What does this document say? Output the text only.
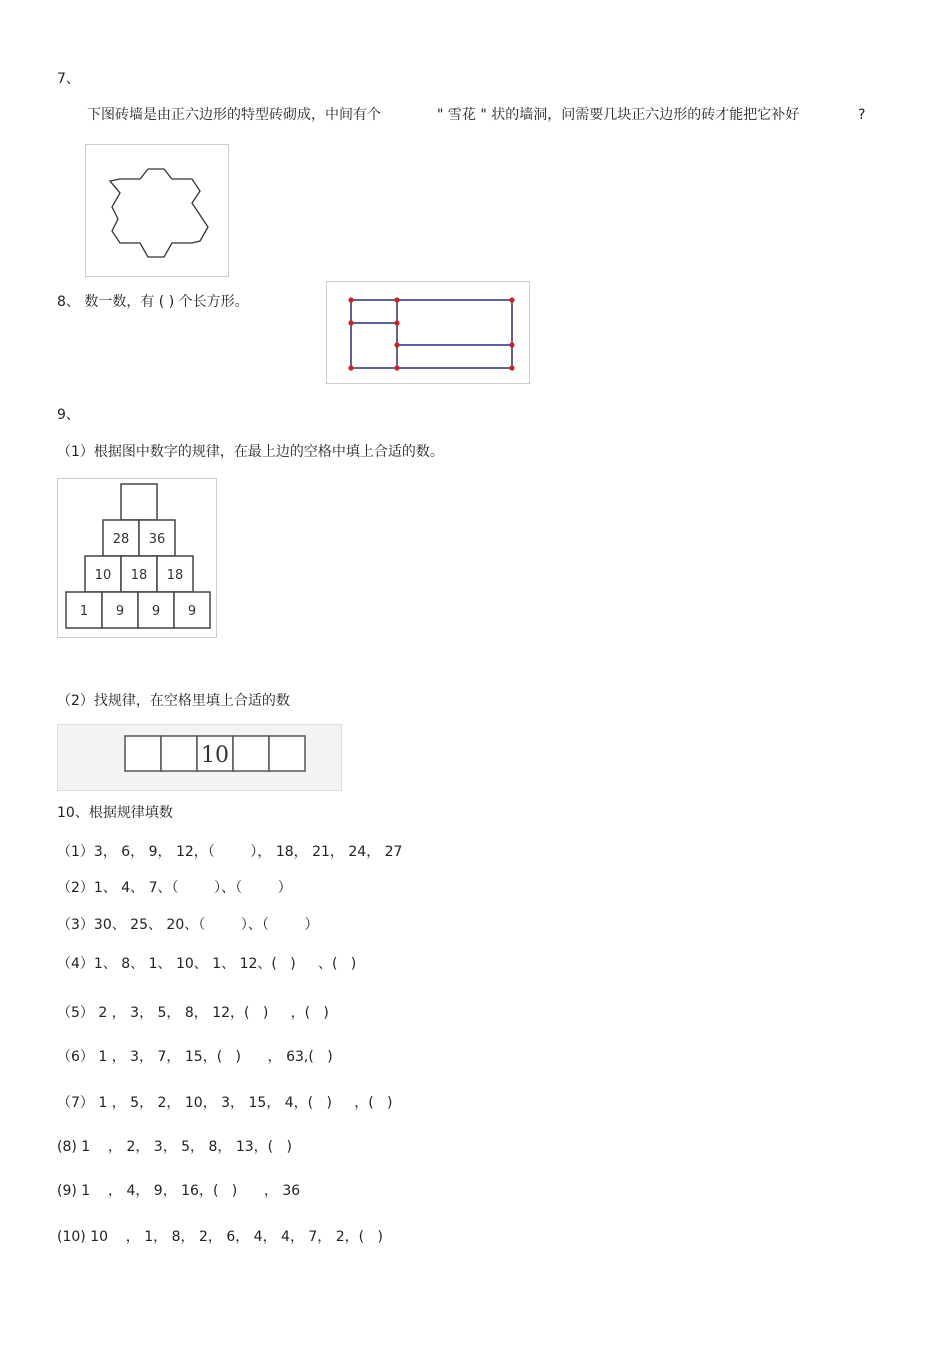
7、
下图砖墙是由正六边形的特型砖砌成，中间有个	" 雪花 " 状的墙洞，问需要几块正六边形的砖才能把它补好	?
8、 数一数，有 ( ) 个长方形。
9、
（1）根据图中数字的规律，在最上边的空格中填上合适的数。
28 36
10 18 18
1 9 9 9
（2）找规律，在空格里填上合适的数
10
10、根据规律填数
（1）3， 6， 9， 12，（        ）， 18， 21， 24， 27
（2）1、 4、 7、（        ）、（        ）
（3）30、 25、 20、（        ）、（        ）
（4）1、 8、 1、 10、 1、 12、(   )     、(   )
（5） 2 ， 3， 5， 8， 12，(   )     ，(   )
（6） 1 ， 3， 7， 15，(   )      ， 63,(   )
（7） 1 ， 5， 2， 10， 3， 15， 4，(   )     ，(   )
(8) 1    ， 2， 3， 5， 8， 13，(   )
(9) 1    ， 4， 9， 16，(   )      ， 36
(10) 10    ， 1， 8， 2， 6， 4， 4， 7， 2，(   )
